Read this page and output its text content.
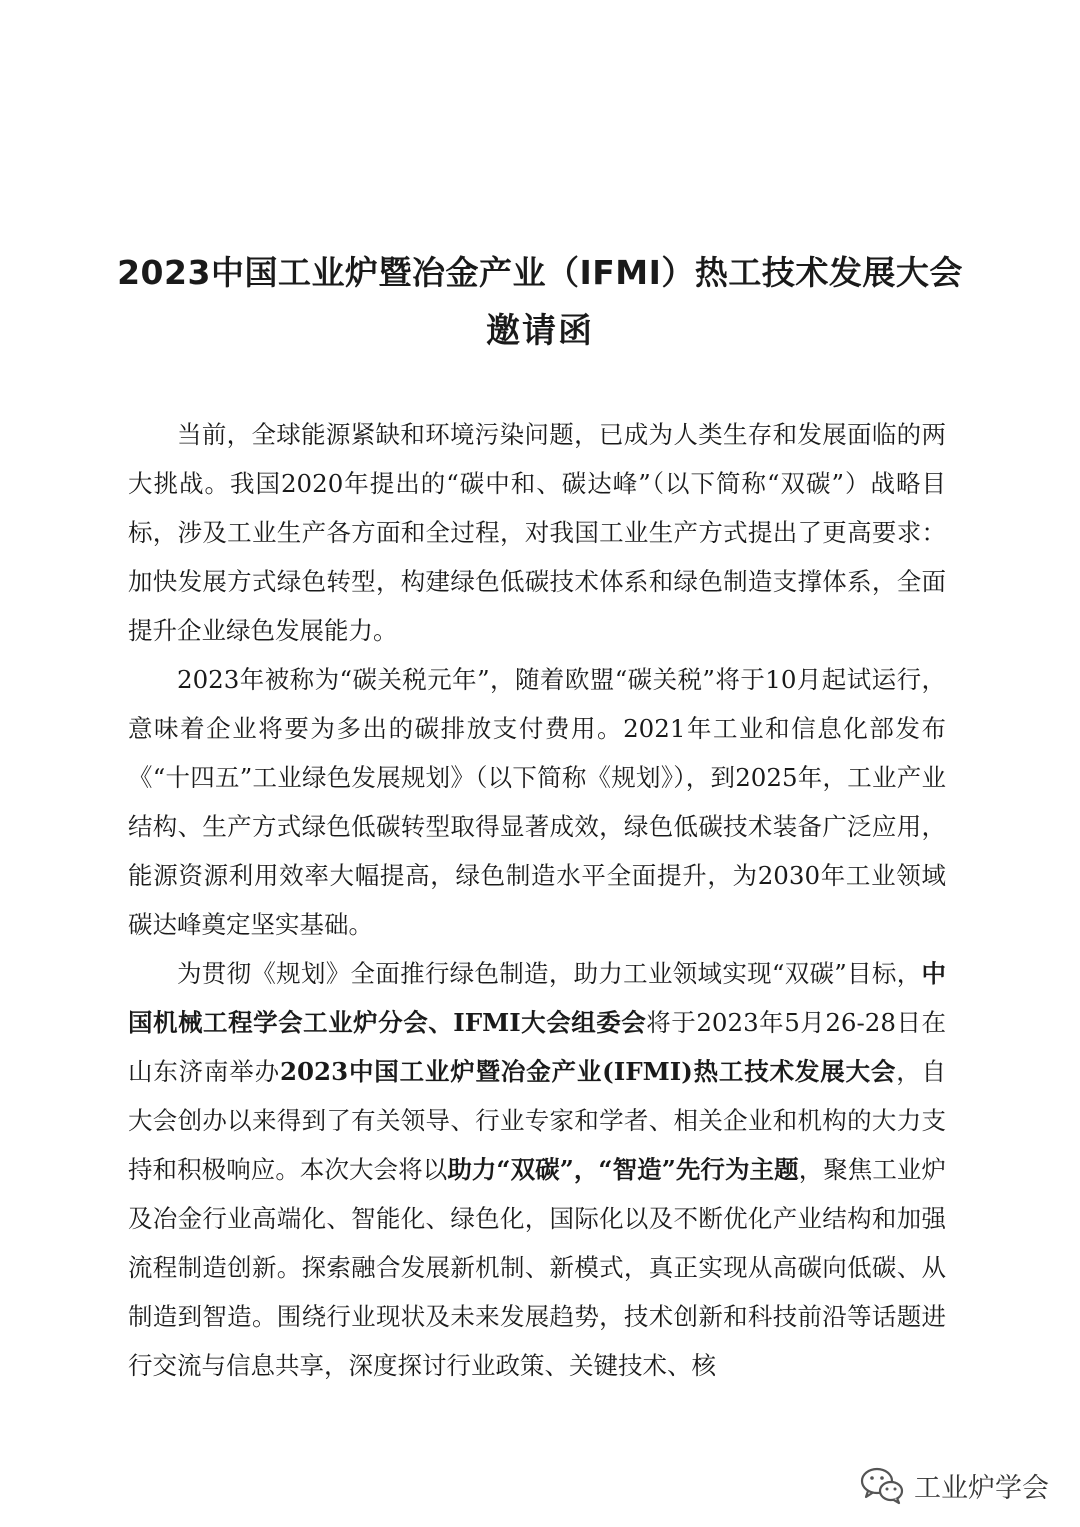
2023中国工业炉暨冶金产业（IFMI）热工技术发展大会
邀请函

当前，全球能源紧缺和环境污染问题，已成为人类生存和发展面临的两大挑战。我国2020年提出的“碳中和、碳达峰”（以下简称“双碳”）战略目标，涉及工业生产各方面和全过程，对我国工业生产方式提出了更高要求：加快发展方式绿色转型，构建绿色低碳技术体系和绿色制造支撑体系，全面提升企业绿色发展能力。

2023年被称为“碳关税元年”，随着欧盟“碳关税”将于10月起试运行，意味着企业将要为多出的碳排放支付费用。2021年工业和信息化部发布《“十四五”工业绿色发展规划》（以下简称《规划》），到2025年，工业产业结构、生产方式绿色低碳转型取得显著成效，绿色低碳技术装备广泛应用，能源资源利用效率大幅提高，绿色制造水平全面提升，为2030年工业领域碳达峰奠定坚实基础。

为贯彻《规划》全面推行绿色制造，助力工业领域实现“双碳”目标，中国机械工程学会工业炉分会、IFMI大会组委会将于2023年5月26-28日在山东济南举办2023中国工业炉暨冶金产业(IFMI)热工技术发展大会，自大会创办以来得到了有关领导、行业专家和学者、相关企业和机构的大力支持和积极响应。本次大会将以助力“双碳”，“智造”先行为主题，聚焦工业炉及冶金行业高端化、智能化、绿色化，国际化以及不断优化产业结构和加强流程制造创新。探索融合发展新机制、新模式，真正实现从高碳向低碳、从制造到智造。围绕行业现状及未来发展趋势，技术创新和科技前沿等话题进行交流与信息共享，深度探讨行业政策、关键技术、核

工业炉学会
